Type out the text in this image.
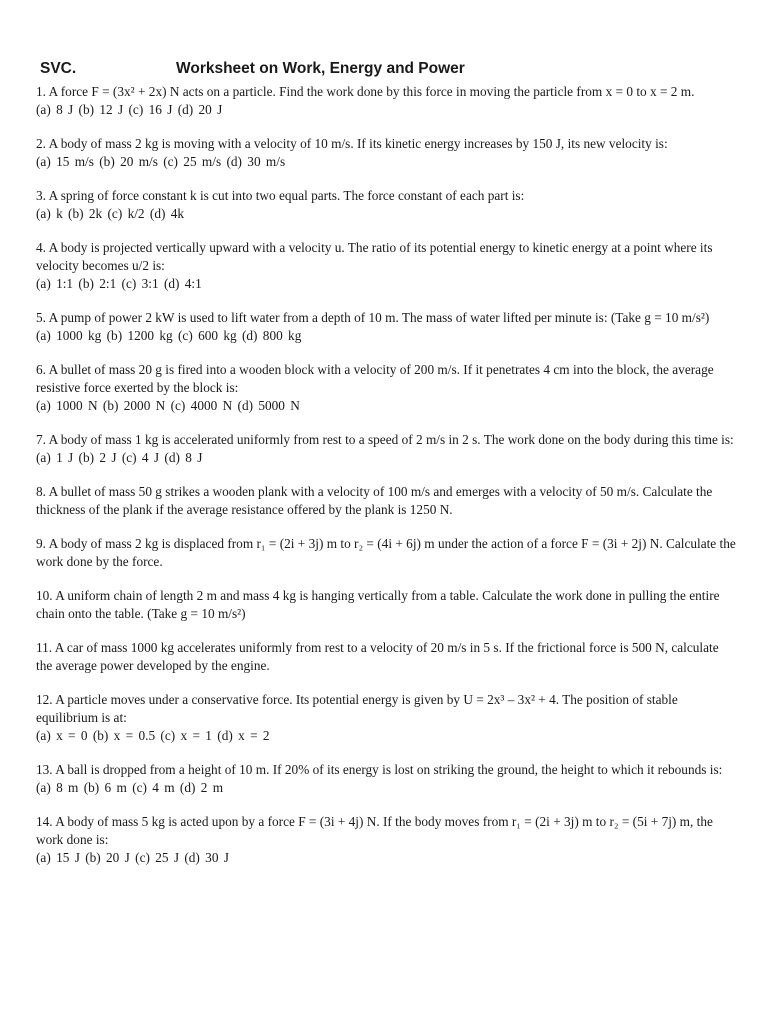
SVC.	Worksheet on Work, Energy and Power
1. A force F = (3x² + 2x) N acts on a particle. Find the work done by this force in moving the particle from x = 0 to x = 2 m.
(a) 8 J (b) 12 J (c) 16 J (d) 20 J
2. A body of mass 2 kg is moving with a velocity of 10 m/s. If its kinetic energy increases by 150 J, its new velocity is:
(a) 15 m/s (b) 20 m/s (c) 25 m/s (d) 30 m/s
3. A spring of force constant k is cut into two equal parts. The force constant of each part is:
(a) k (b) 2k (c) k/2 (d) 4k
4. A body is projected vertically upward with a velocity u. The ratio of its potential energy to kinetic energy at a point where its velocity becomes u/2 is:
(a) 1:1 (b) 2:1 (c) 3:1 (d) 4:1
5. A pump of power 2 kW is used to lift water from a depth of 10 m. The mass of water lifted per minute is: (Take g = 10 m/s²)
(a) 1000 kg (b) 1200 kg (c) 600 kg (d) 800 kg
6. A bullet of mass 20 g is fired into a wooden block with a velocity of 200 m/s. If it penetrates 4 cm into the block, the average resistive force exerted by the block is:
(a) 1000 N (b) 2000 N (c) 4000 N (d) 5000 N
7. A body of mass 1 kg is accelerated uniformly from rest to a speed of 2 m/s in 2 s. The work done on the body during this time is:
(a) 1 J (b) 2 J (c) 4 J (d) 8 J
8. A bullet of mass 50 g strikes a wooden plank with a velocity of 100 m/s and emerges with a velocity of 50 m/s. Calculate the thickness of the plank if the average resistance offered by the plank is 1250 N.
9. A body of mass 2 kg is displaced from r₁ = (2i + 3j) m to r₂ = (4i + 6j) m under the action of a force F = (3i + 2j) N. Calculate the work done by the force.
10. A uniform chain of length 2 m and mass 4 kg is hanging vertically from a table. Calculate the work done in pulling the entire chain onto the table. (Take g = 10 m/s²)
11. A car of mass 1000 kg accelerates uniformly from rest to a velocity of 20 m/s in 5 s. If the frictional force is 500 N, calculate the average power developed by the engine.
12. A particle moves under a conservative force. Its potential energy is given by U = 2x³ – 3x² + 4. The position of stable equilibrium is at:
(a) x = 0 (b) x = 0.5 (c) x = 1 (d) x = 2
13. A ball is dropped from a height of 10 m. If 20% of its energy is lost on striking the ground, the height to which it rebounds is:
(a) 8 m (b) 6 m (c) 4 m (d) 2 m
14. A body of mass 5 kg is acted upon by a force F = (3i + 4j) N. If the body moves from r₁ = (2i + 3j) m to r₂ = (5i + 7j) m, the work done is:
(a) 15 J (b) 20 J (c) 25 J (d) 30 J
